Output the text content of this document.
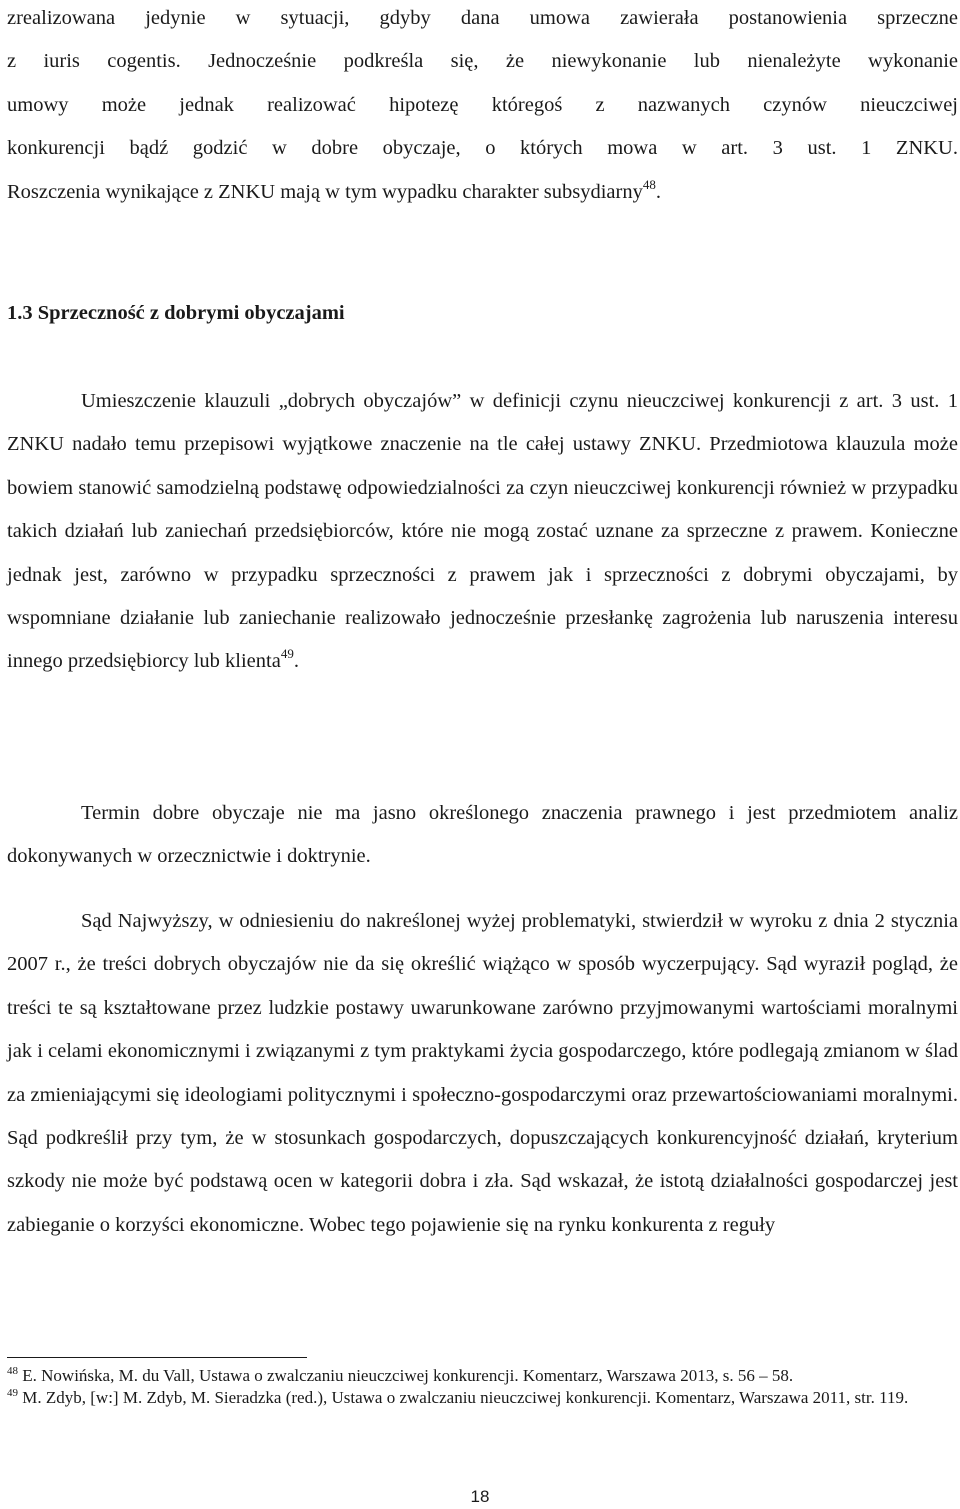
zrealizowana jedynie w sytuacji, gdyby dana umowa zawierała postanowienia sprzeczne
z iuris cogentis. Jednocześnie podkreśla się, że niewykonanie lub nienależyte wykonanie
umowy może jednak realizować hipotezę któregoś z nazwanych czynów nieuczciwej
konkurencji bądź godzić w dobre obyczaje, o których mowa w art. 3 ust. 1 ZNKU.
Roszczenia wynikające z ZNKU mają w tym wypadku charakter subsydiarny$^{48}$.

1.3 Sprzeczność z dobrymi obyczajami

Umieszczenie klauzuli „dobrych obyczajów” w definicji czynu nieuczciwej konkurencji z art. 3 ust. 1 ZNKU nadało temu przepisowi wyjątkowe znaczenie na tle całej ustawy ZNKU. Przedmiotowa klauzula może bowiem stanowić samodzielną podstawę odpowiedzialności za czyn nieuczciwej konkurencji również w przypadku takich działań lub zaniechań przedsiębiorców, które nie mogą zostać uznane za sprzeczne z prawem. Konieczne jednak jest, zarówno w przypadku sprzeczności z prawem jak i sprzeczności z dobrymi obyczajami, by wspomniane działanie lub zaniechanie realizowało jednocześnie przesłankę zagrożenia lub naruszenia interesu innego przedsiębiorcy lub klienta$^{49}$.

Termin dobre obyczaje nie ma jasno określonego znaczenia prawnego i jest przedmiotem analiz dokonywanych w orzecznictwie i doktrynie.

Sąd Najwyższy, w odniesieniu do nakreślonej wyżej problematyki, stwierdził w wyroku z dnia 2 stycznia 2007 r., że treści dobrych obyczajów nie da się określić wiążąco w sposób wyczerpujący. Sąd wyraził pogląd, że treści te są kształtowane przez ludzkie postawy uwarunkowane zarówno przyjmowanymi wartościami moralnymi jak i celami ekonomicznymi i związanymi z tym praktykami życia gospodarczego, które podlegają zmianom w ślad za zmieniającymi się ideologiami politycznymi i społeczno-gospodarczymi oraz przewartościowaniami moralnymi. Sąd podkreślił przy tym, że w stosunkach gospodarczych, dopuszczających konkurencyjność działań, kryterium szkody nie może być podstawą ocen w kategorii dobra i zła. Sąd wskazał, że istotą działalności gospodarczej jest zabieganie o korzyści ekonomiczne. Wobec tego pojawienie się na rynku konkurenta z reguły

$^{48}$ E. Nowińska, M. du Vall, Ustawa o zwalczaniu nieuczciwej konkurencji. Komentarz, Warszawa 2013, s. 56 – 58.

$^{49}$ M. Zdyb, [w:] M. Zdyb, M. Sieradzka (red.), Ustawa o zwalczaniu nieuczciwej konkurencji. Komentarz, Warszawa 2011, str. 119.

18
